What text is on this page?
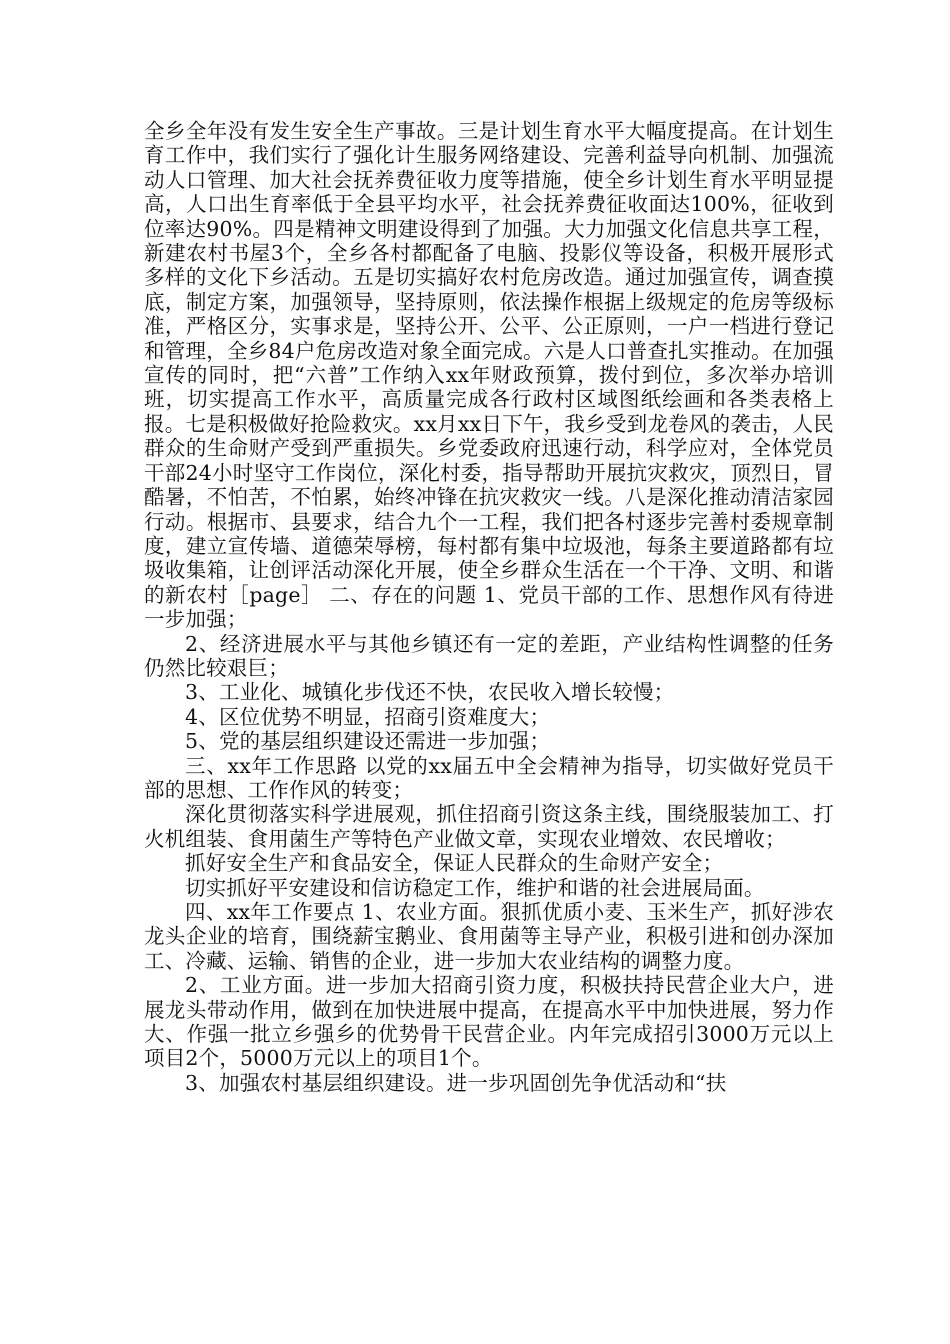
全乡全年没有发生安全生产事故。三是计划生育水平大幅度提高。在计划生育工作中，我们实行了强化计生服务网络建设、完善利益导向机制、加强流动人口管理、加大社会抚养费征收力度等措施，使全乡计划生育水平明显提高，人口出生育率低于全县平均水平，社会抚养费征收面达100%，征收到位率达90%。四是精神文明建设得到了加强。大力加强文化信息共享工程，新建农村书屋3个，全乡各村都配备了电脑、投影仪等设备，积极开展形式多样的文化下乡活动。五是切实搞好农村危房改造。通过加强宣传，调查摸底，制定方案，加强领导，坚持原则，依法操作根据上级规定的危房等级标准，严格区分，实事求是，坚持公开、公平、公正原则，一户一档进行登记和管理，全乡84户危房改造对象全面完成。六是人口普查扎实推动。在加强宣传的同时，把“六普”工作纳入xx年财政预算，拨付到位，多次举办培训班，切实提高工作水平，高质量完成各行政村区域图纸绘画和各类表格上报。七是积极做好抢险救灾。xx月xx日下午，我乡受到龙卷风的袭击，人民群众的生命财产受到严重损失。乡党委政府迅速行动，科学应对，全体党员干部24小时坚守工作岗位，深化村委，指导帮助开展抗灾救灾，顶烈日，冒酷暑，不怕苦，不怕累，始终冲锋在抗灾救灾一线。八是深化推动清洁家园行动。根据市、县要求，结合九个一工程，我们把各村逐步完善村委规章制度，建立宣传墙、道德荣辱榜，每村都有集中垃圾池，每条主要道路都有垃圾收集箱，让创评活动深化开展，使全乡群众生活在一个干净、文明、和谐的新农村［page］ 二、存在的问题 1、党员干部的工作、思想作风有待进一步加强；

2、经济进展水平与其他乡镇还有一定的差距，产业结构性调整的任务仍然比较艰巨；

3、工业化、城镇化步伐还不快，农民收入增长较慢；

4、区位优势不明显，招商引资难度大；

5、党的基层组织建设还需进一步加强；

三、xx年工作思路 以党的xx届五中全会精神为指导，切实做好党员干部的思想、工作作风的转变；

深化贯彻落实科学进展观，抓住招商引资这条主线，围绕服装加工、打火机组装、食用菌生产等特色产业做文章，实现农业增效、农民增收；

抓好安全生产和食品安全，保证人民群众的生命财产安全；

切实抓好平安建设和信访稳定工作，维护和谐的社会进展局面。

四、xx年工作要点 1、农业方面。狠抓优质小麦、玉米生产，抓好涉农龙头企业的培育，围绕薪宝鹅业、食用菌等主导产业，积极引进和创办深加工、冷藏、运输、销售的企业，进一步加大农业结构的调整力度。

2、工业方面。进一步加大招商引资力度，积极扶持民营企业大户，进展龙头带动作用，做到在加快进展中提高，在提高水平中加快进展，努力作大、作强一批立乡强乡的优势骨干民营企业。内年完成招引3000万元以上项目2个，5000万元以上的项目1个。

3、加强农村基层组织建设。进一步巩固创先争优活动和“扶
